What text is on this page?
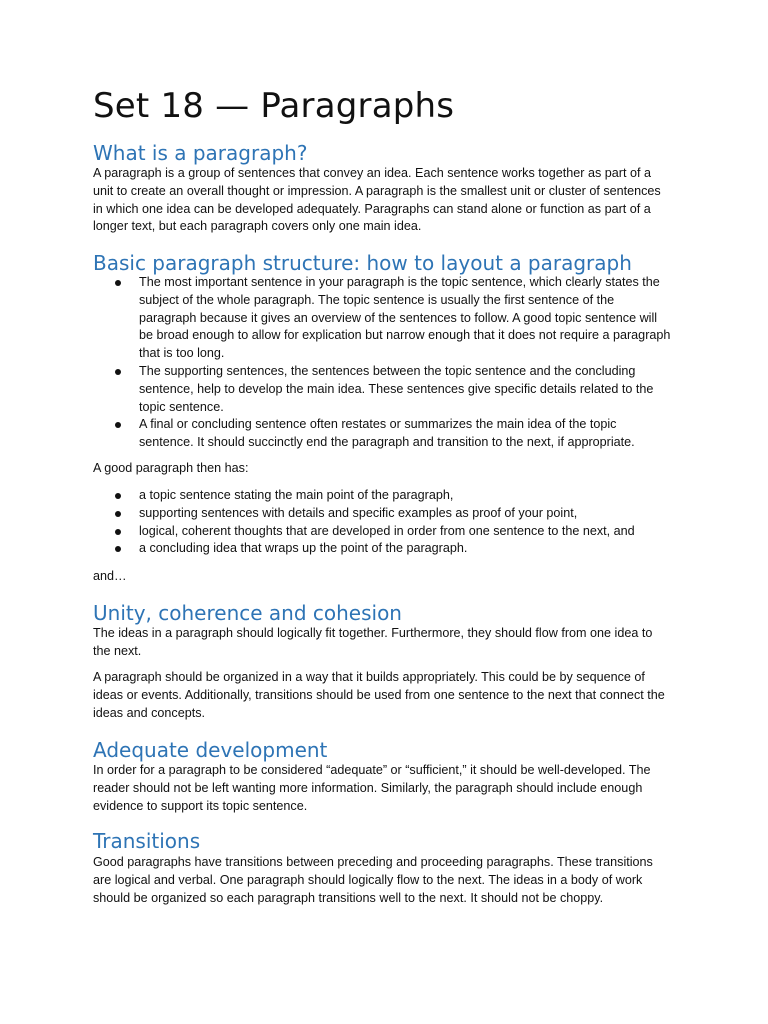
Set 18 — Paragraphs
What is a paragraph?

A paragraph is a group of sentences that convey an idea. Each sentence works together as part of a unit to create an overall thought or impression. A paragraph is the smallest unit or cluster of sentences in which one idea can be developed adequately. Paragraphs can stand alone or function as part of a longer text, but each paragraph covers only one main idea.

Basic paragraph structure: how to layout a paragraph
The most important sentence in your paragraph is the topic sentence, which clearly states the subject of the whole paragraph. The topic sentence is usually the first sentence of the paragraph because it gives an overview of the sentences to follow. A good topic sentence will be broad enough to allow for explication but narrow enough that it does not require a paragraph that is too long.
The supporting sentences, the sentences between the topic sentence and the concluding sentence, help to develop the main idea. These sentences give specific details related to the topic sentence.
A final or concluding sentence often restates or summarizes the main idea of the topic sentence. It should succinctly end the paragraph and transition to the next, if appropriate.

A good paragraph then has:

a topic sentence stating the main point of the paragraph,
supporting sentences with details and specific examples as proof of your point,
logical, coherent thoughts that are developed in order from one sentence to the next, and
a concluding idea that wraps up the point of the paragraph.

and…

Unity, coherence and cohesion

The ideas in a paragraph should logically fit together. Furthermore, they should flow from one idea to the next.

A paragraph should be organized in a way that it builds appropriately. This could be by sequence of ideas or events. Additionally, transitions should be used from one sentence to the next that connect the ideas and concepts.

Adequate development

In order for a paragraph to be considered “adequate” or “sufficient,” it should be well-developed. The reader should not be left wanting more information. Similarly, the paragraph should include enough evidence to support its topic sentence.

Transitions

Good paragraphs have transitions between preceding and proceeding paragraphs. These transitions are logical and verbal. One paragraph should logically flow to the next. The ideas in a body of work should be organized so each paragraph transitions well to the next. It should not be choppy.
